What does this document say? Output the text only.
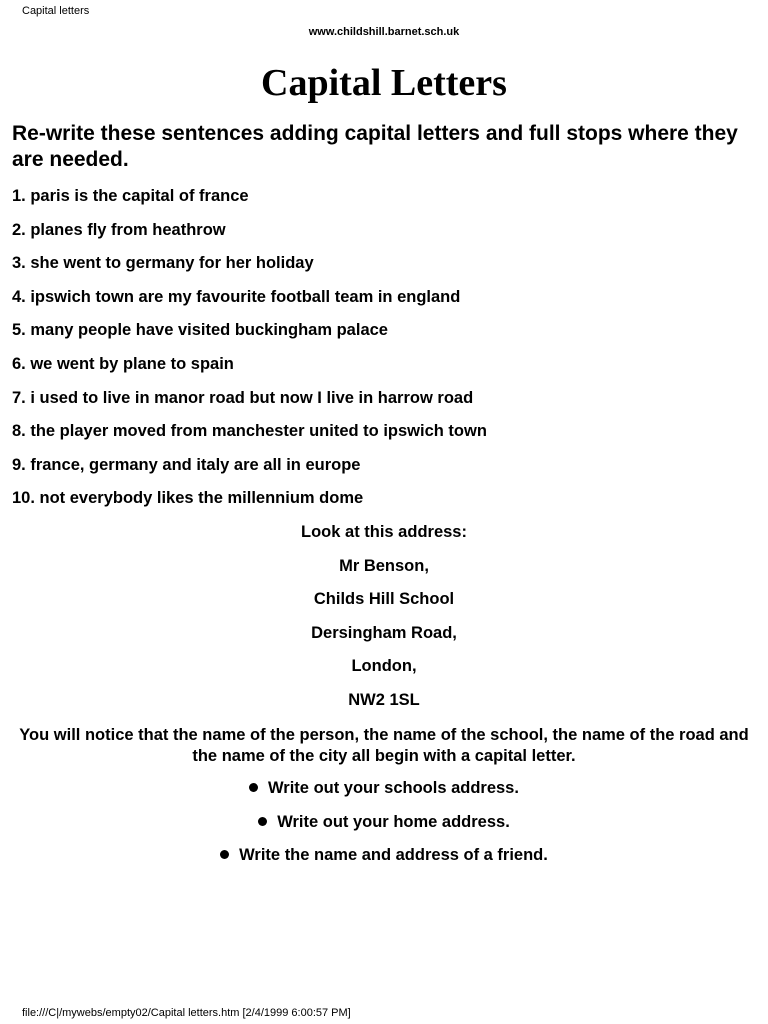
Capital letters
www.childshill.barnet.sch.uk
Capital Letters

Re-write these sentences adding capital letters and full stops where they are needed.

1. paris is the capital of france
2. planes fly from heathrow
3. she went to germany for her holiday
4. ipswich town are my favourite football team in england
5. many people have visited buckingham palace
6. we went by plane to spain
7. i used to live in manor road but now I live in harrow road
8. the player moved from manchester united to ipswich town
9. france, germany and italy are all in europe
10. not everybody likes the millennium dome
Look at this address:
Mr Benson,
Childs Hill School
Dersingham Road,
London,
NW2 1SL

You will notice that the name of the person, the name of the school, the name of the road and the name of the city all begin with a capital letter.

Write out your schools address.
Write out your home address.
Write the name and address of a friend.
file:///C|/mywebs/empty02/Capital letters.htm [2/4/1999 6:00:57 PM]
